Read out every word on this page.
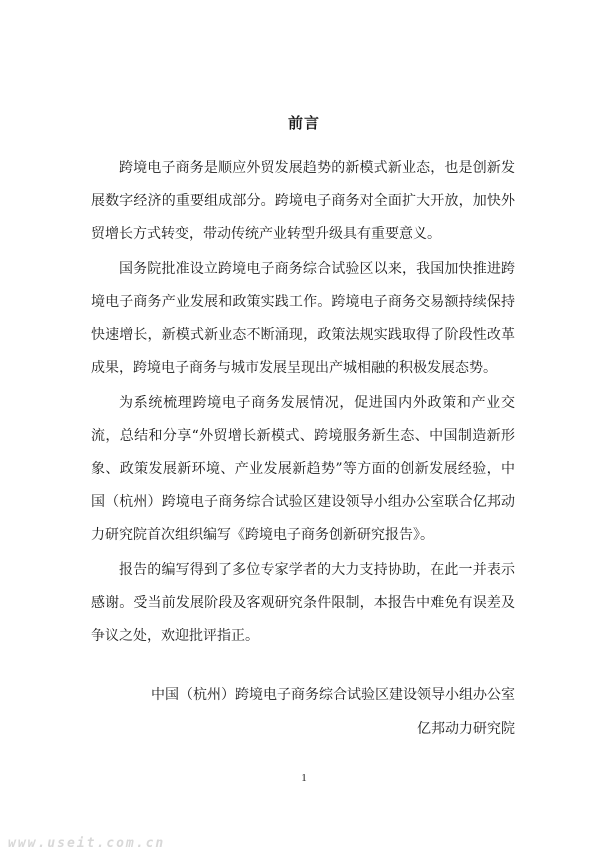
前言

跨境电子商务是顺应外贸发展趋势的新模式新业态，也是创新发展数字经济的重要组成部分。跨境电子商务对全面扩大开放，加快外贸增长方式转变，带动传统产业转型升级具有重要意义。

国务院批准设立跨境电子商务综合试验区以来，我国加快推进跨境电子商务产业发展和政策实践工作。跨境电子商务交易额持续保持快速增长，新模式新业态不断涌现，政策法规实践取得了阶段性改革成果，跨境电子商务与城市发展呈现出产城相融的积极发展态势。

为系统梳理跨境电子商务发展情况，促进国内外政策和产业交流，总结和分享“外贸增长新模式、跨境服务新生态、中国制造新形象、政策发展新环境、产业发展新趋势”等方面的创新发展经验，中国（杭州）跨境电子商务综合试验区建设领导小组办公室联合亿邦动力研究院首次组织编写《跨境电子商务创新研究报告》。

报告的编写得到了多位专家学者的大力支持协助，在此一并表示感谢。受当前发展阶段及客观研究条件限制，本报告中难免有误差及争议之处，欢迎批评指正。

中国（杭州）跨境电子商务综合试验区建设领导小组办公室
亿邦动力研究院
1
www.useit.com.cn
